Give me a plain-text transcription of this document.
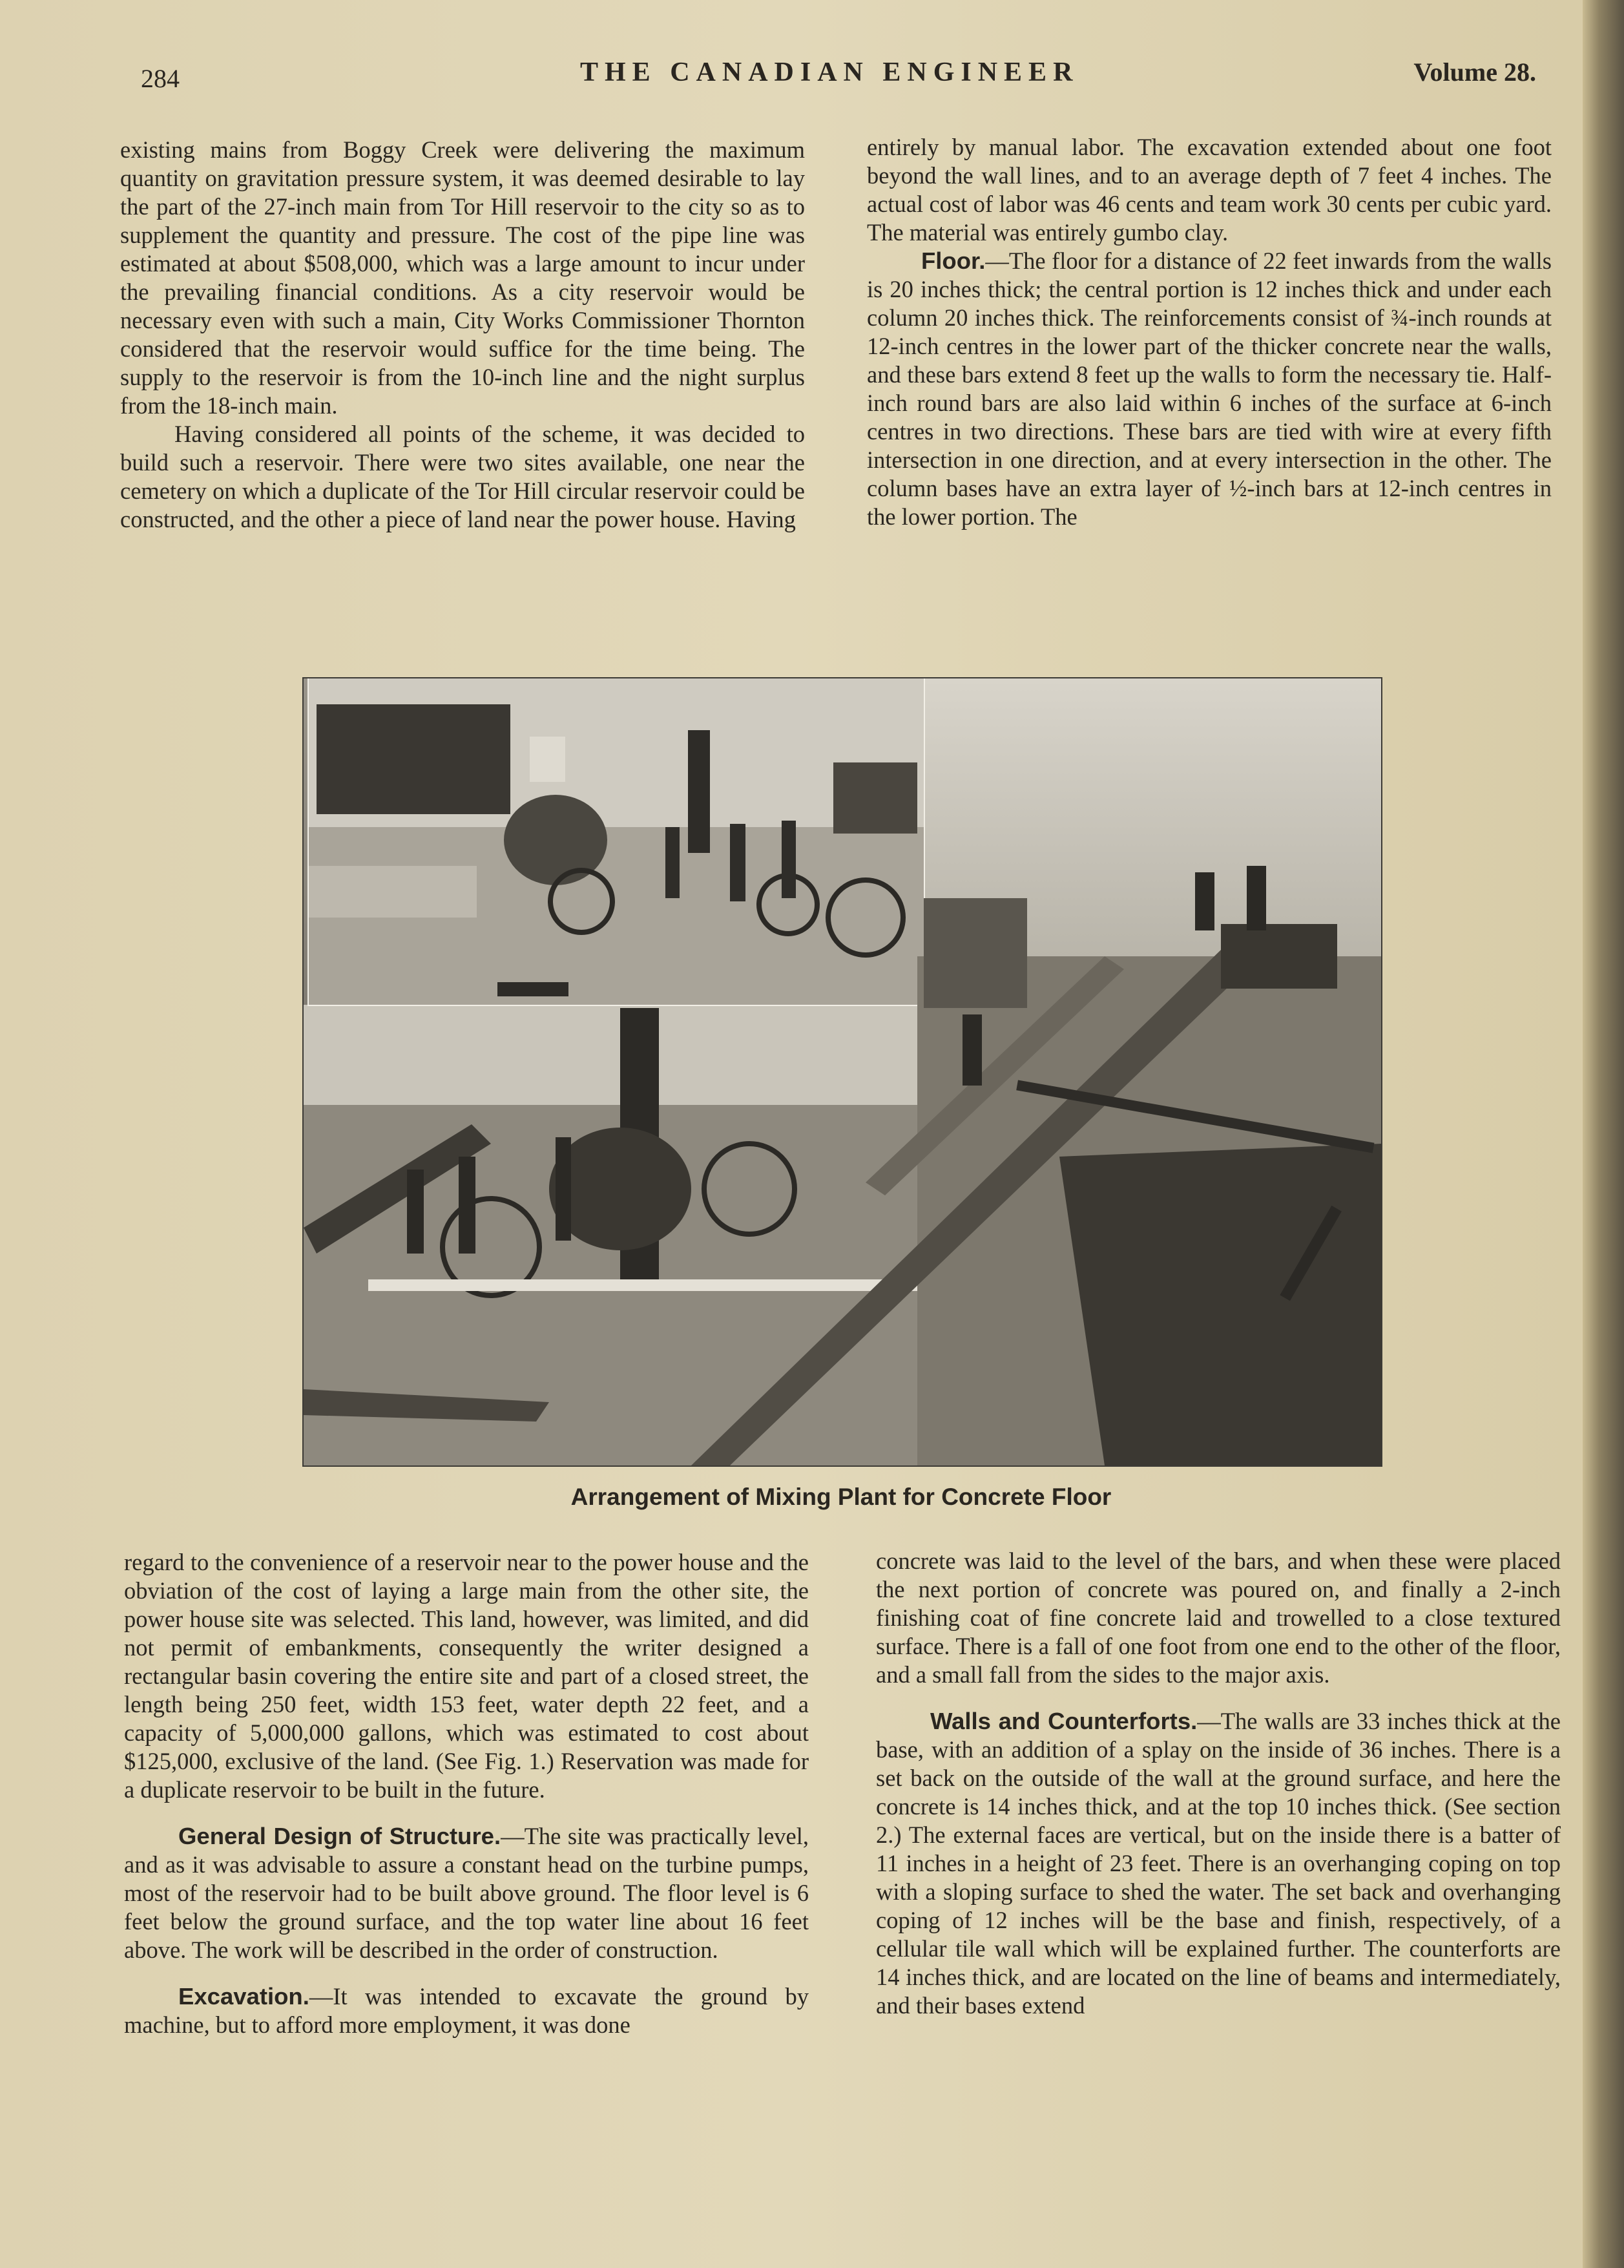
284	THE CANADIAN ENGINEER	Volume 28.

existing mains from Boggy Creek were delivering the maximum quantity on gravitation pressure system, it was deemed desirable to lay the part of the 27-inch main from Tor Hill reservoir to the city so as to supplement the quantity and pressure. The cost of the pipe line was estimated at about $508,000, which was a large amount to incur under the prevailing financial conditions. As a city reservoir would be necessary even with such a main, City Works Commissioner Thornton considered that the reservoir would suffice for the time being. The supply to the reservoir is from the 10-inch line and the night surplus from the 18-inch main.

Having considered all points of the scheme, it was decided to build such a reservoir. There were two sites available, one near the cemetery on which a duplicate of the Tor Hill circular reservoir could be constructed, and the other a piece of land near the power house. Having

entirely by manual labor. The excavation extended about one foot beyond the wall lines, and to an average depth of 7 feet 4 inches. The actual cost of labor was 46 cents and team work 30 cents per cubic yard. The material was entirely gumbo clay.

Floor.—The floor for a distance of 22 feet inwards from the walls is 20 inches thick; the central portion is 12 inches thick and under each column 20 inches thick. The reinforcements consist of ¾-inch rounds at 12-inch centres in the lower part of the thicker concrete near the walls, and these bars extend 8 feet up the walls to form the necessary tie. Half-inch round bars are also laid within 6 inches of the surface at 6-inch centres in two directions. These bars are tied with wire at every fifth intersection in one direction, and at every intersection in the other. The column bases have an extra layer of ½-inch bars at 12-inch centres in the lower portion. The

Arrangement of Mixing Plant for Concrete Floor

regard to the convenience of a reservoir near to the power house and the obviation of the cost of laying a large main from the other site, the power house site was selected. This land, however, was limited, and did not permit of embankments, consequently the writer designed a rectangular basin covering the entire site and part of a closed street, the length being 250 feet, width 153 feet, water depth 22 feet, and a capacity of 5,000,000 gallons, which was estimated to cost about $125,000, exclusive of the land. (See Fig. 1.) Reservation was made for a duplicate reservoir to be built in the future.

General Design of Structure.—The site was practically level, and as it was advisable to assure a constant head on the turbine pumps, most of the reservoir had to be built above ground. The floor level is 6 feet below the ground surface, and the top water line about 16 feet above. The work will be described in the order of construction.

Excavation.—It was intended to excavate the ground by machine, but to afford more employment, it was done

concrete was laid to the level of the bars, and when these were placed the next portion of concrete was poured on, and finally a 2-inch finishing coat of fine concrete laid and trowelled to a close textured surface. There is a fall of one foot from one end to the other of the floor, and a small fall from the sides to the major axis.

Walls and Counterforts.—The walls are 33 inches thick at the base, with an addition of a splay on the inside of 36 inches. There is a set back on the outside of the wall at the ground surface, and here the concrete is 14 inches thick, and at the top 10 inches thick. (See section 2.) The external faces are vertical, but on the inside there is a batter of 11 inches in a height of 23 feet. There is an overhanging coping on top with a sloping surface to shed the water. The set back and overhanging coping of 12 inches will be the base and finish, respectively, of a cellular tile wall which will be explained further. The counterforts are 14 inches thick, and are located on the line of beams and intermediately, and their bases extend
